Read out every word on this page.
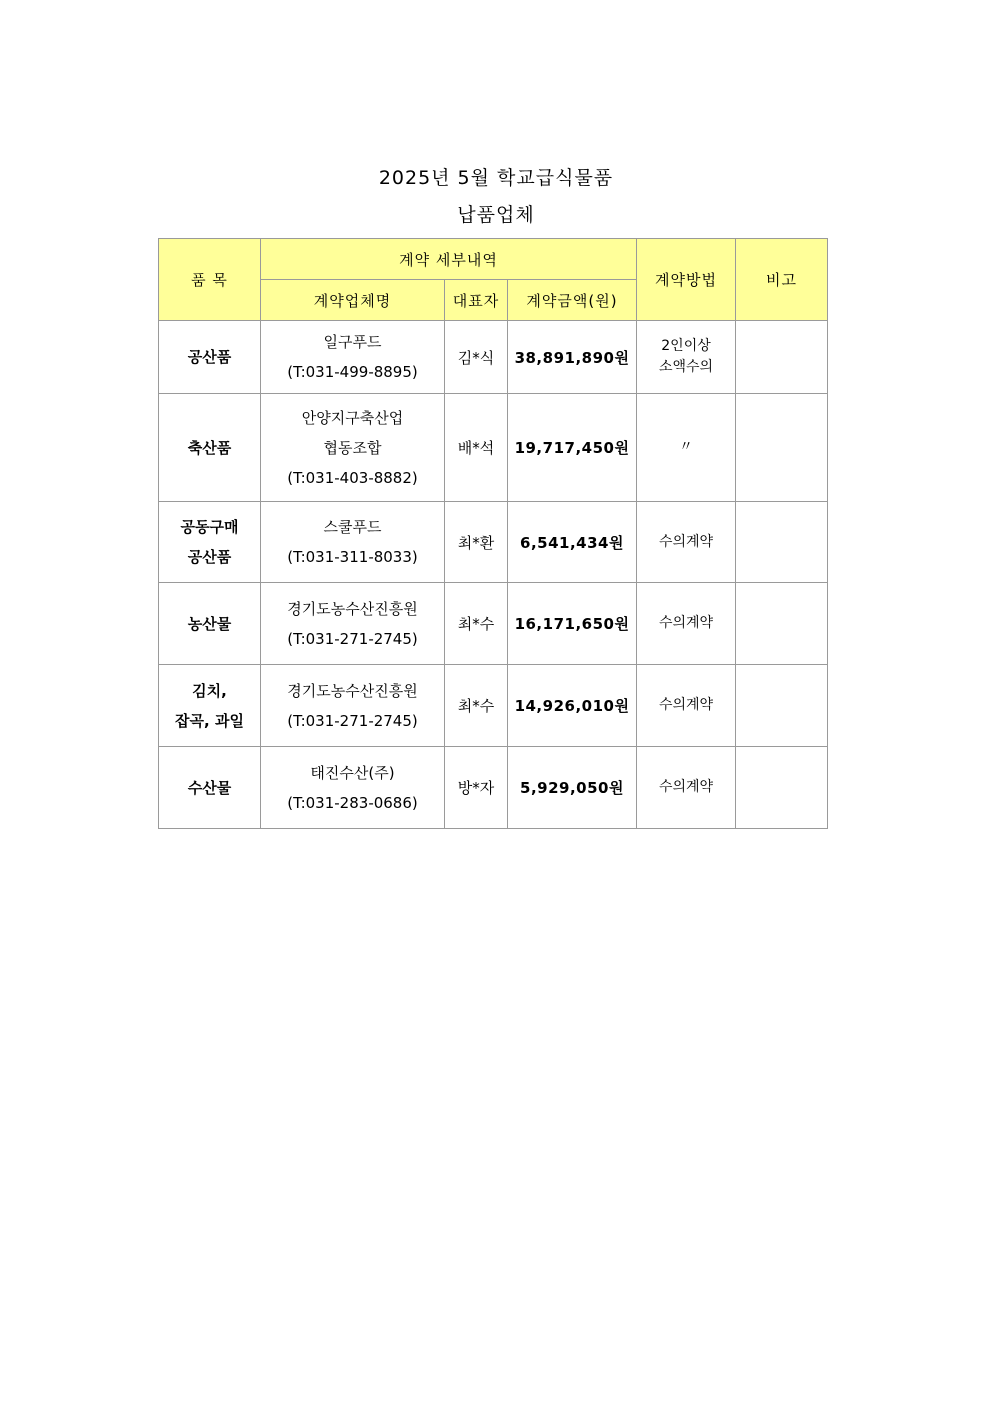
2025년 5월 학교급식물품
납품업체
품 목	계약 세부내역			계약방법	비고
	계약업체명	대표자	계약금액(원)		

공산품	일구푸드
(T:031-499-8895)	김*식	38,891,890원	2인이상
소액수의	

축산품	안양지구축산업
협동조합
(T:031-403-8882)	배*석	19,717,450원	〃	

공동구매
공산품	스쿨푸드
(T:031-311-8033)	최*환	6,541,434원	수의계약	

농산물	경기도농수산진흥원
(T:031-271-2745)	최*수	16,171,650원	수의계약	

김치,
잡곡, 과일	경기도농수산진흥원
(T:031-271-2745)	최*수	14,926,010원	수의계약	

수산물	태진수산(주)
(T:031-283-0686)	방*자	5,929,050원	수의계약	
